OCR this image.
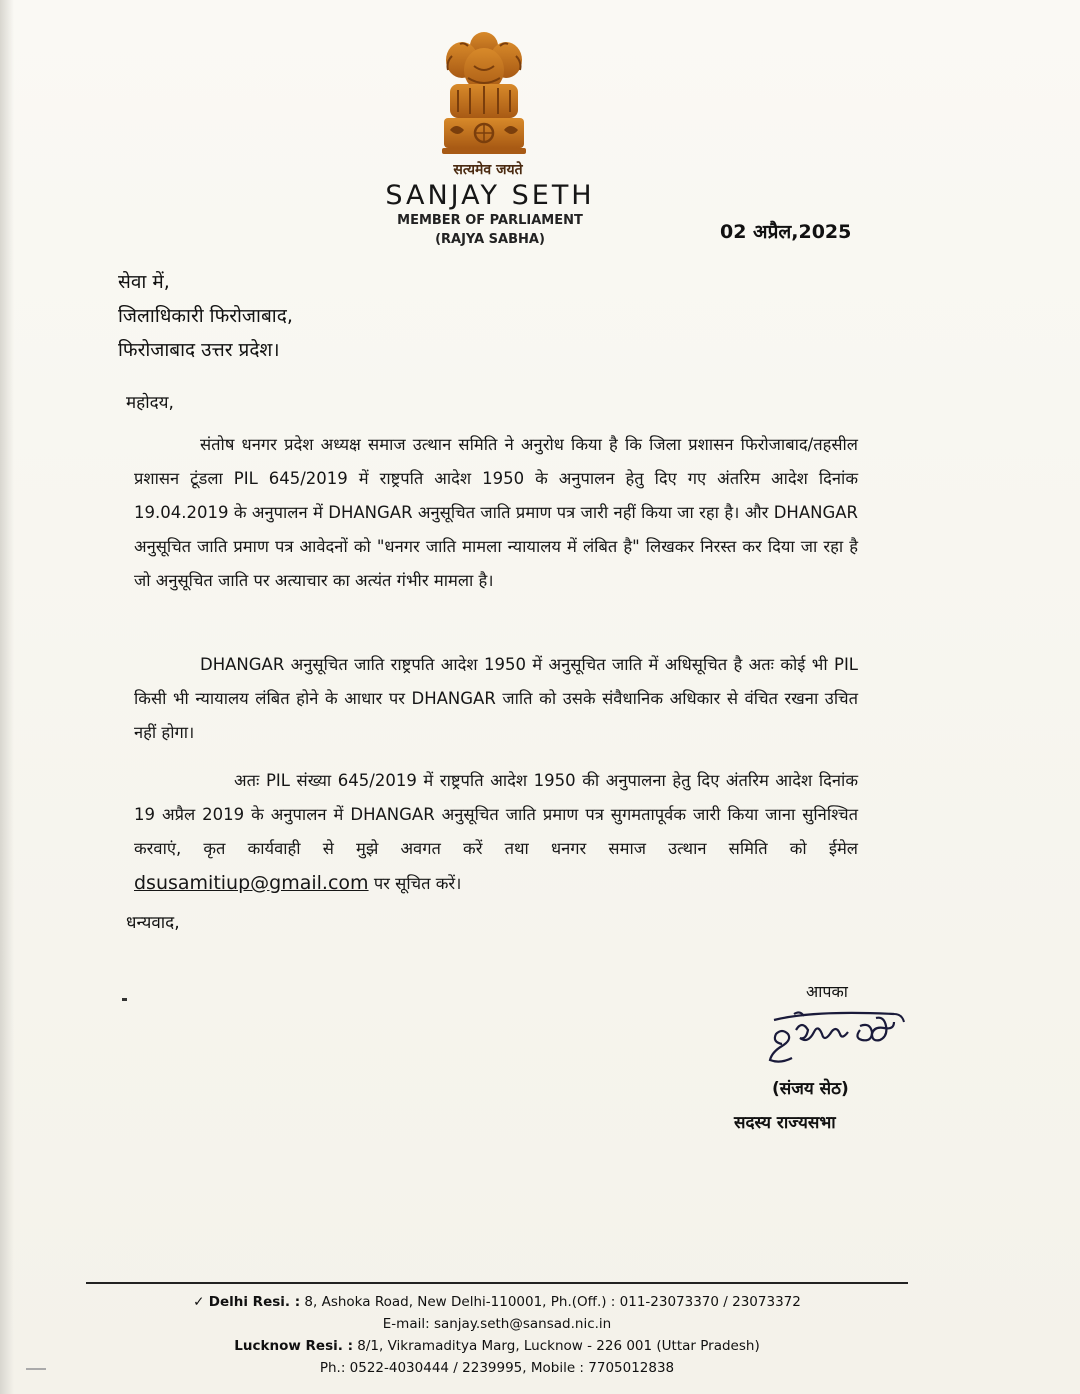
सत्यमेव जयते
SANJAY SETH
MEMBER OF PARLIAMENT
(RAJYA SABHA)	02 अप्रैल,2025
सेवा में,
जिलाधिकारी फिरोजाबाद,
फिरोजाबाद उत्तर प्रदेश।
महोदय,
संतोष धनगर प्रदेश अध्यक्ष समाज उत्थान समिति ने अनुरोध किया है कि जिला प्रशासन फिरोजाबाद/तहसील प्रशासन टूंडला PIL 645/2019 में राष्ट्रपति आदेश 1950 के अनुपालन हेतु दिए गए अंतरिम आदेश दिनांक 19.04.2019 के अनुपालन में DHANGAR अनुसूचित जाति प्रमाण पत्र जारी नहीं किया जा रहा है। और DHANGAR अनुसूचित जाति प्रमाण पत्र आवेदनों को "धनगर जाति मामला न्यायालय में लंबित है" लिखकर निरस्त कर दिया जा रहा है जो अनुसूचित जाति पर अत्याचार का अत्यंत गंभीर मामला है।
DHANGAR अनुसूचित जाति राष्ट्रपति आदेश 1950 में अनुसूचित जाति में अधिसूचित है अतः कोई भी PIL किसी भी न्यायालय लंबित होने के आधार पर DHANGAR जाति को उसके संवैधानिक अधिकार से वंचित रखना उचित नहीं होगा।
अतः PIL संख्या 645/2019 में राष्ट्रपति आदेश 1950 की अनुपालना हेतु दिए अंतरिम आदेश दिनांक 19 अप्रैल 2019 के अनुपालन में DHANGAR अनुसूचित जाति प्रमाण पत्र सुगमतापूर्वक जारी किया जाना सुनिश्चित करवाएं, कृत कार्यवाही से मुझे अवगत करें तथा धनगर समाज उत्थान समिति को ईमेल dsusamitiup@gmail.com पर सूचित करें।
धन्यवाद,
आपका
(संजय सेठ)
सदस्य राज्यसभा
✓ Delhi Resi. : 8, Ashoka Road, New Delhi-110001, Ph.(Off.) : 011-23073370 / 23073372
E-mail: sanjay.seth@sansad.nic.in
Lucknow Resi. : 8/1, Vikramaditya Marg, Lucknow - 226 001 (Uttar Pradesh)
Ph.: 0522-4030444 / 2239995, Mobile : 7705012838
